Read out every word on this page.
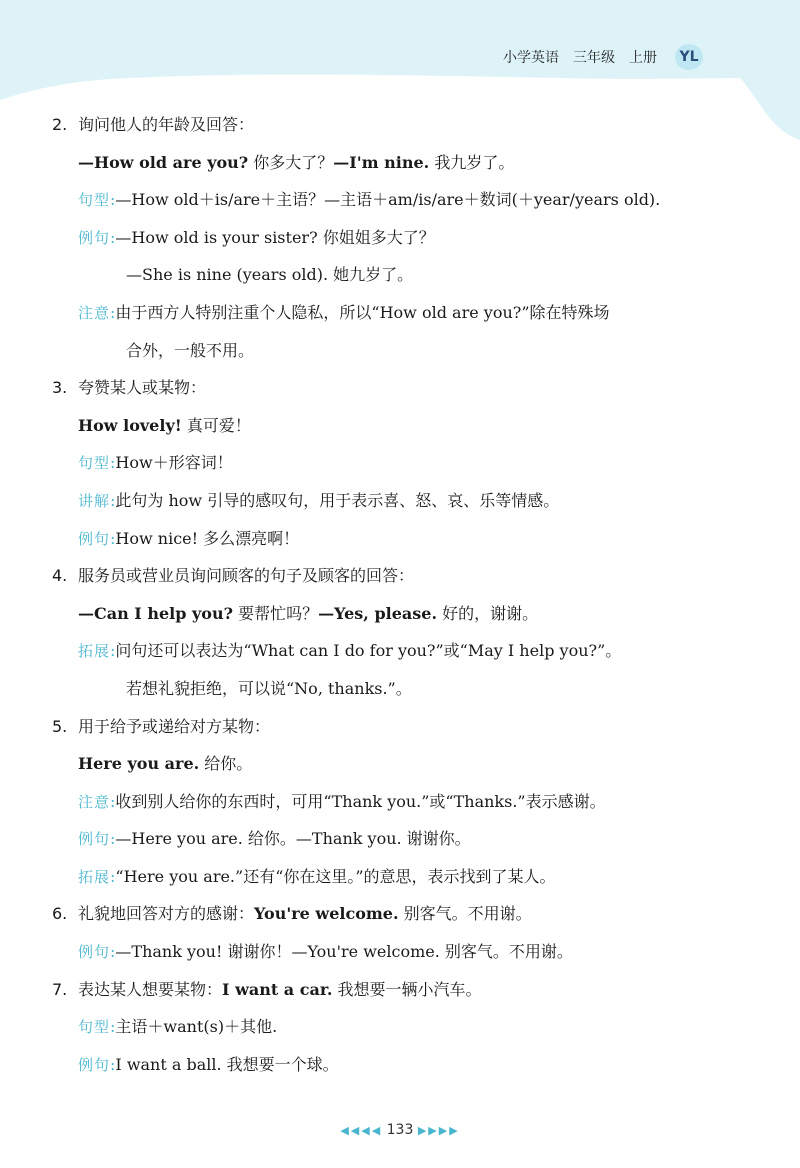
小学英语 三年级 上册	YL
2. 询问他人的年龄及回答：
—How old are you? 你多大了？—I'm nine. 我九岁了。
句型:—How old＋is/are＋主语？—主语＋am/is/are＋数词(＋year/years old).
例句:—How old is your sister? 你姐姐多大了？
—She is nine (years old). 她九岁了。
注意:由于西方人特别注重个人隐私，所以“How old are you?”除在特殊场
合外，一般不用。
3. 夸赞某人或某物：
How lovely! 真可爱！
句型:How＋形容词！
讲解:此句为 how 引导的感叹句，用于表示喜、怒、哀、乐等情感。
例句:How nice! 多么漂亮啊！
4. 服务员或营业员询问顾客的句子及顾客的回答：
—Can I help you? 要帮忙吗？—Yes, please. 好的，谢谢。
拓展:问句还可以表达为“What can I do for you?”或“May I help you?”。
若想礼貌拒绝，可以说“No, thanks.”。
5. 用于给予或递给对方某物：
Here you are. 给你。
注意:收到别人给你的东西时，可用“Thank you.”或“Thanks.”表示感谢。
例句:—Here you are. 给你。—Thank you. 谢谢你。
拓展:“Here you are.”还有“你在这里。”的意思，表示找到了某人。
6. 礼貌地回答对方的感谢：You're welcome. 别客气。不用谢。
例句:—Thank you! 谢谢你！—You're welcome. 别客气。不用谢。
7. 表达某人想要某物：I want a car. 我想要一辆小汽车。
句型:主语＋want(s)＋其他.
例句:I want a ball. 我想要一个球。
◀◀◀◀ 133 ▶▶▶▶
